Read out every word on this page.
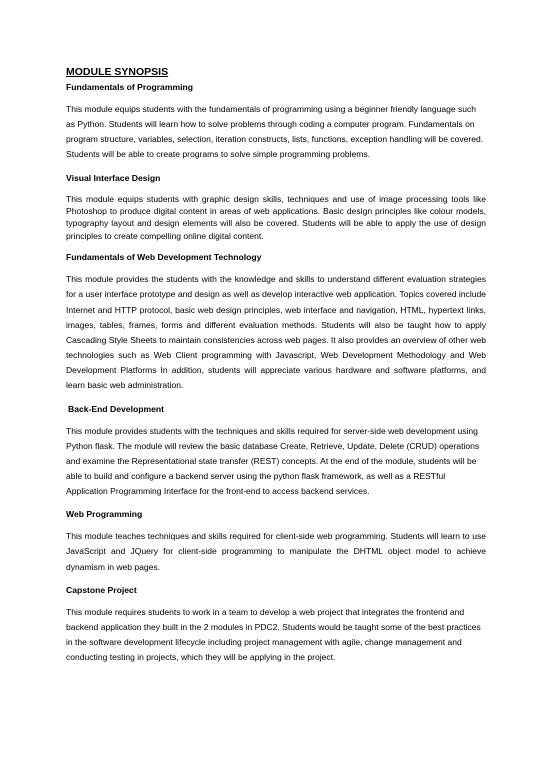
MODULE SYNOPSIS
Fundamentals of Programming
This module equips students with the fundamentals of programming using a beginner friendly language such as Python. Students will learn how to solve problems through coding a computer program. Fundamentals on program structure, variables, selection, iteration constructs, lists, functions, exception handling will be covered. Students will be able to create programs to solve simple programming problems.
Visual Interface Design
This module equips students with graphic design skills, techniques and use of image processing tools like Photoshop to produce digital content in areas of web applications. Basic design principles like colour models, typography layout and design elements will also be covered. Students will be able to apply the use of design principles to create compelling online digital content.
Fundamentals of Web Development Technology
This module provides the students with the knowledge and skills to understand different evaluation strategies for a user interface prototype and design as well as develop interactive web application. Topics covered include Internet and HTTP protocol, basic web design principles, web interface and navigation, HTML, hypertext links, images, tables, frames, forms and different evaluation methods. Students will also be taught how to apply Cascading Style Sheets to maintain consistencies across web pages. It also provides an overview of other web technologies such as Web Client programming with Javascript, Web Development Methodology and Web Development Platforms In addition, students will appreciate various hardware and software platforms, and learn basic web administration.
Back-End Development
This module provides students with the techniques and skills required for server-side web development using Python flask. The module will review the basic database Create, Retrieve, Update, Delete (CRUD) operations and examine the Representational state transfer (REST) concepts. At the end of the module, students will be able to build and configure a backend server using the python flask framework, as well as a RESTful Application Programming Interface for the front-end to access backend services.
Web Programming
This module teaches techniques and skills required for client-side web programming. Students will learn to use JavaScript and JQuery for client-side programming to manipulate the DHTML object model to achieve dynamism in web pages.
Capstone Project
This module requires students to work in a team to develop a web project that integrates the frontend and backend application they built in the 2 modules in PDC2. Students would be taught some of the best practices in the software development lifecycle including project management with agile, change management and conducting testing in projects, which they will be applying in the project.
